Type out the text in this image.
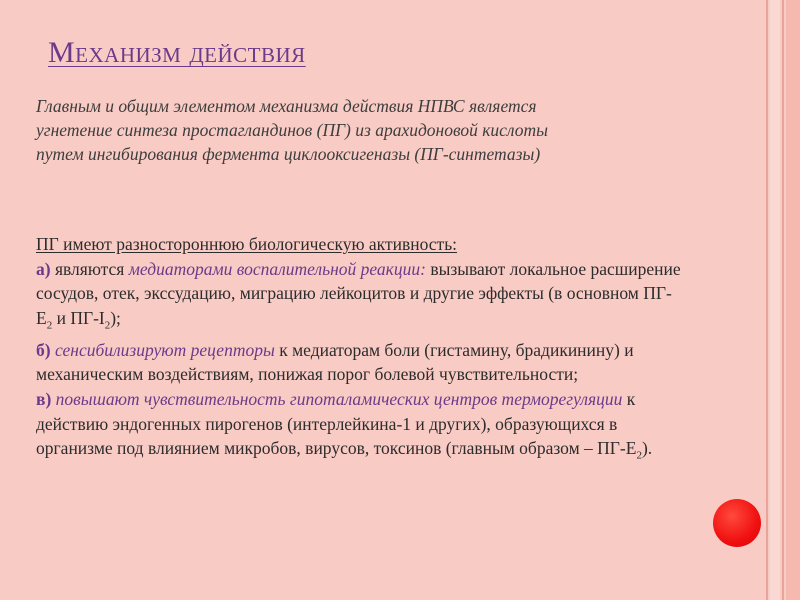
Механизм действия

Главным и общим элементом механизма действия НПВС является угнетение синтеза простагландинов (ПГ) из арахидоновой кислоты путем ингибирования фермента циклооксигеназы (ПГ-синтетазы)

ПГ имеют разностороннюю биологическую активность:
а) являются медиаторами воспалительной реакции: вызывают локальное расширение сосудов, отек, экссудацию, миграцию лейкоцитов и другие эффекты (в основном $ПГ-Е_2$ и $ПГ-I_2$);
б) сенсибилизируют рецепторы к медиаторам боли (гистамину, брадикинину) и механическим воздействиям, понижая порог болевой чувствительности;
в) повышают чувствительность гипоталамических центров терморегуляции к действию эндогенных пирогенов (интерлейкина-1 и других), образующихся в организме под влиянием микробов, вирусов, токсинов (главным образом – $ПГ-Е_2$).
